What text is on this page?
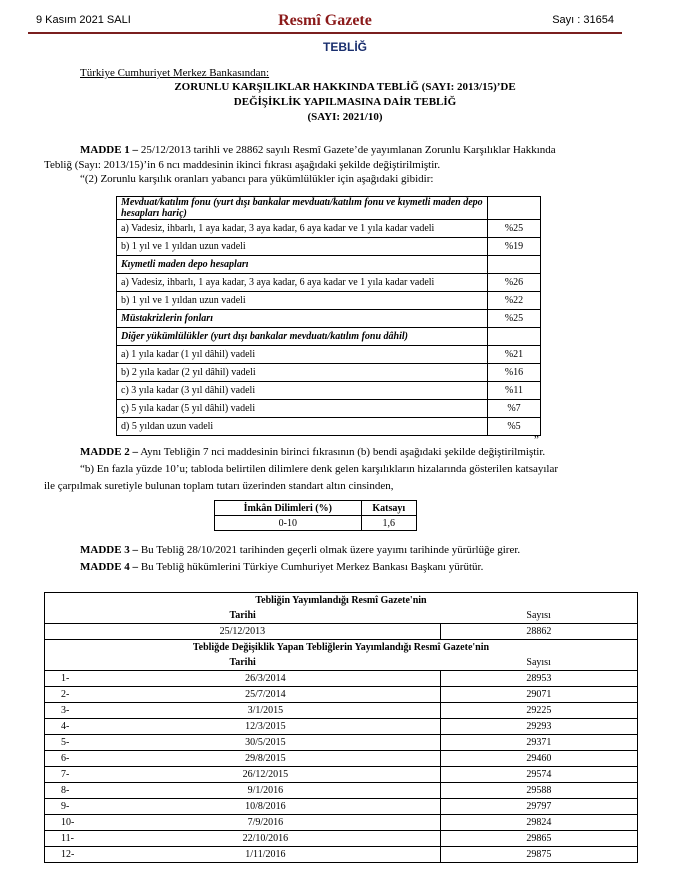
9 Kasım 2021 SALI	Resmî Gazete	Sayı : 31654
TEBLİĞ
Türkiye Cumhuriyet Merkez Bankasından:
ZORUNLU KARŞILIKLAR HAKKINDA TEBLİĞ (SAYI: 2013/15)’DE
DEĞİŞİKLİK YAPILMASINA DAİR TEBLİĞ
(SAYI: 2021/10)

MADDE 1 – 25/12/2013 tarihli ve 28862 sayılı Resmî Gazete’de yayımlanan Zorunlu Karşılıklar Hakkında

Tebliğ (Sayı: 2013/15)’in 6 ncı maddesinin ikinci fıkrası aşağıdaki şekilde değiştirilmiştir.

“(2) Zorunlu karşılık oranları yabancı para yükümlülükler için aşağıdaki gibidir:

Mevduat/katılım fonu (yurt dışı bankalar mevduatı/katılım fonu ve kıymetli maden depo hesapları hariç)	
a) Vadesiz, ihbarlı, 1 aya kadar, 3 aya kadar, 6 aya kadar ve 1 yıla kadar vadeli	%25
b) 1 yıl ve 1 yıldan uzun vadeli	%19
Kıymetli maden depo hesapları	
a) Vadesiz, ihbarlı, 1 aya kadar, 3 aya kadar, 6 aya kadar ve 1 yıla kadar vadeli	%26
b) 1 yıl ve 1 yıldan uzun vadeli	%22
Müstakrizlerin fonları	%25
Diğer yükümlülükler (yurt dışı bankalar mevduatı/katılım fonu dâhil)	
a) 1 yıla kadar (1 yıl dâhil) vadeli	%21
b) 2 yıla kadar (2 yıl dâhil) vadeli	%16
c) 3 yıla kadar (3 yıl dâhil) vadeli	%11
ç) 5 yıla kadar (5 yıl dâhil) vadeli	%7
d) 5 yıldan uzun vadeli	%5
”

MADDE 2 – Aynı Tebliğin 7 nci maddesinin birinci fıkrasının (b) bendi aşağıdaki şekilde değiştirilmiştir.

“b) En fazla yüzde 10’u; tabloda belirtilen dilimlere denk gelen karşılıkların hizalarında gösterilen katsayılar

ile çarpılmak suretiyle bulunan toplam tutarı üzerinden standart altın cinsinden,

İmkân Dilimleri (%)	Katsayı
0-10	1,6

MADDE 3 – Bu Tebliğ 28/10/2021 tarihinden geçerli olmak üzere yayımı tarihinde yürürlüğe girer.

MADDE 4 – Bu Tebliğ hükümlerini Türkiye Cumhuriyet Merkez Bankası Başkanı yürütür.

Tebliğin Yayımlandığı Resmî Gazete'nin		
Tarihi		Sayısı
25/12/2013		28862
Tebliğde Değişiklik Yapan Tebliğlerin Yayımlandığı Resmî Gazete'nin		
Tarihi		Sayısı
1-	26/3/2014	28953
2-	25/7/2014	29071
3-	3/1/2015	29225
4-	12/3/2015	29293
5-	30/5/2015	29371
6-	29/8/2015	29460
7-	26/12/2015	29574
8-	9/1/2016	29588
9-	10/8/2016	29797
10-	7/9/2016	29824
11-	22/10/2016	29865
12-	1/11/2016	29875
